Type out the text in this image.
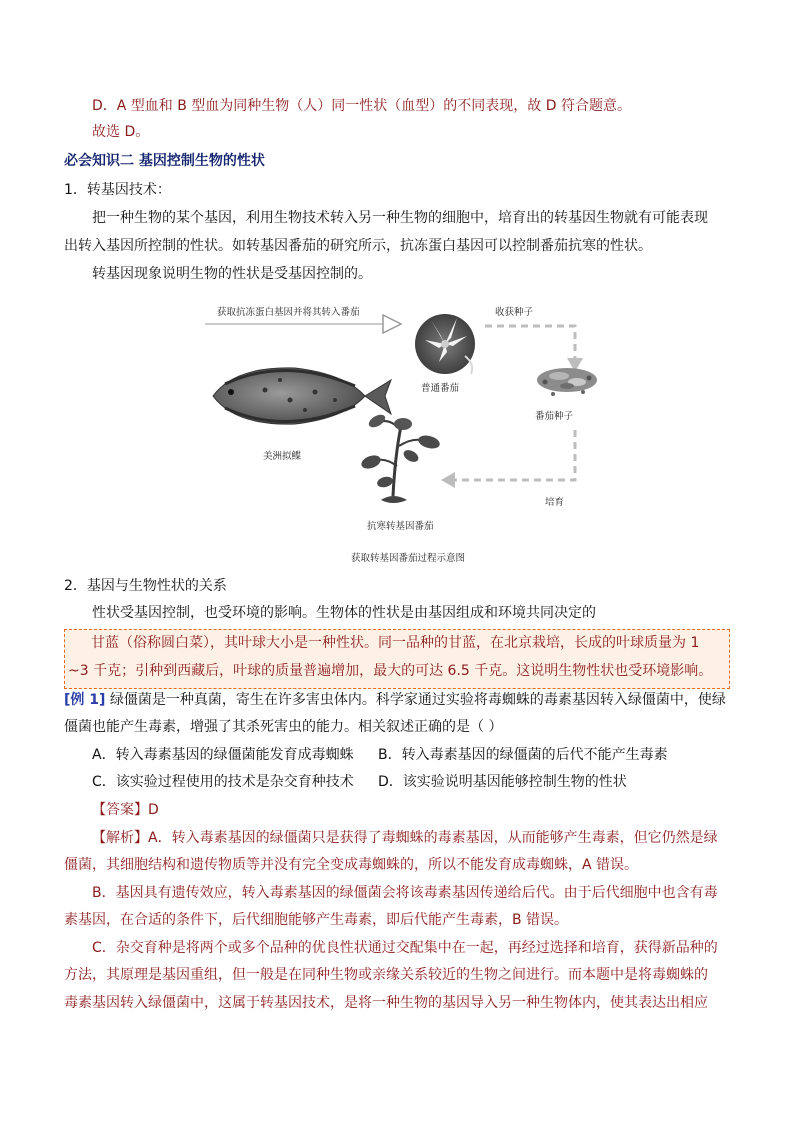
D．A 型血和 B 型血为同种生物（人）同一性状（血型）的不同表现，故 D 符合题意。
故选 D。
必会知识二 基因控制生物的性状
1．转基因技术：
把一种生物的某个基因，利用生物技术转入另一种生物的细胞中，培育出的转基因生物就有可能表现
出转入基因所控制的性状。如转基因番茄的研究所示，抗冻蛋白基因可以控制番茄抗寒的性状。
转基因现象说明生物的性状是受基因控制的。
获取抗冻蛋白基因并将其转入番茄	收获种子
普通番茄
美洲拟鲽
番茄种子
抗寒转基因番茄
培育
获取转基因番茄过程示意图
2．基因与生物性状的关系
性状受基因控制，也受环境的影响。生物体的性状是由基因组成和环境共同决定的
甘蓝（俗称圆白菜），其叶球大小是一种性状。同一品种的甘蓝，在北京栽培，长成的叶球质量为 1
~3 千克；引种到西藏后，叶球的质量普遍增加，最大的可达 6.5 千克。这说明生物性状也受环境影响。
[例 1] 绿僵菌是一种真菌，寄生在许多害虫体内。科学家通过实验将毒蜘蛛的毒素基因转入绿僵菌中，使绿
僵菌也能产生毒素，增强了其杀死害虫的能力。相关叙述正确的是（ ）
A．转入毒素基因的绿僵菌能发育成毒蜘蛛 B．转入毒素基因的绿僵菌的后代不能产生毒素
C．该实验过程使用的技术是杂交育种技术 D．该实验说明基因能够控制生物的性状
【答案】D
【解析】A．转入毒素基因的绿僵菌只是获得了毒蜘蛛的毒素基因，从而能够产生毒素，但它仍然是绿
僵菌，其细胞结构和遗传物质等并没有完全变成毒蜘蛛的，所以不能发育成毒蜘蛛，A 错误。
B．基因具有遗传效应，转入毒素基因的绿僵菌会将该毒素基因传递给后代。由于后代细胞中也含有毒
素基因，在合适的条件下，后代细胞能够产生毒素，即后代能产生毒素，B 错误。
C．杂交育种是将两个或多个品种的优良性状通过交配集中在一起，再经过选择和培育，获得新品种的
方法，其原理是基因重组，但一般是在同种生物或亲缘关系较近的生物之间进行。而本题中是将毒蜘蛛的
毒素基因转入绿僵菌中，这属于转基因技术，是将一种生物的基因导入另一种生物体内，使其表达出相应
